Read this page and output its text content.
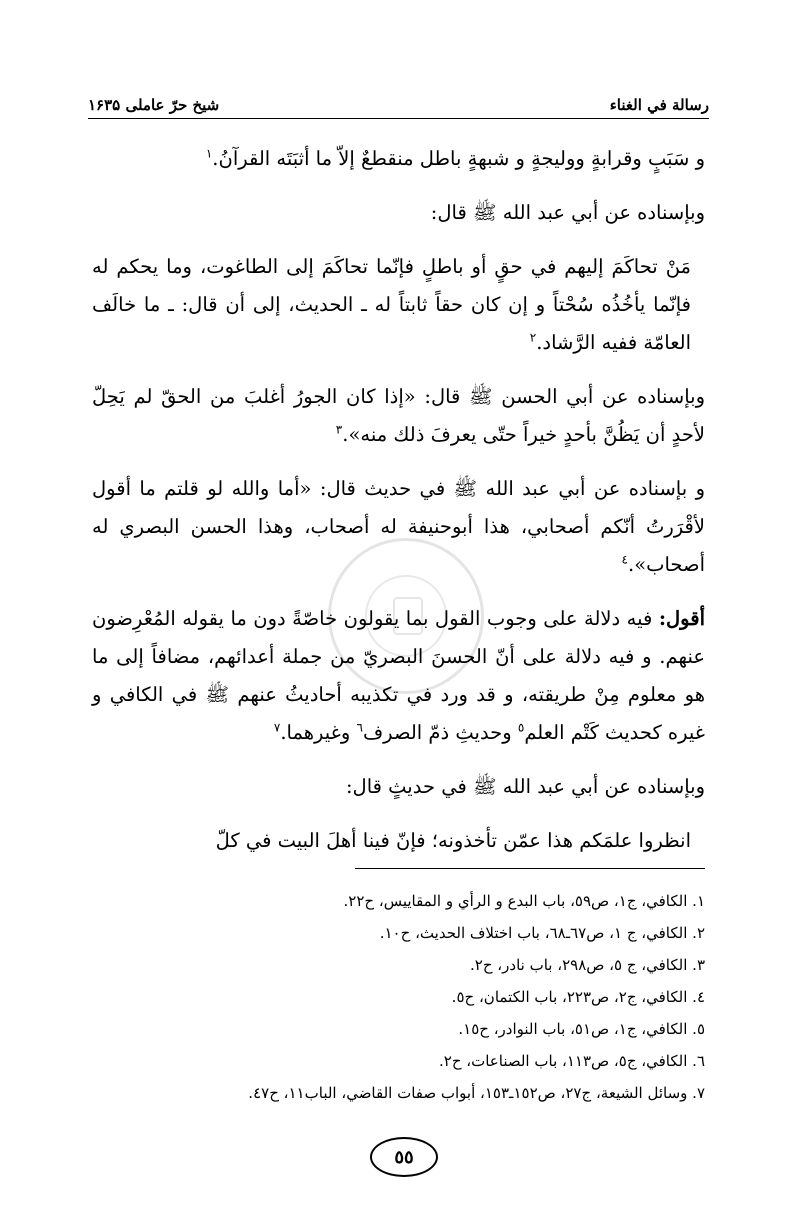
رسالة في الغناء
شيخ حرّ عاملی ۱۶۳۵

و سَبَبٍ وقرابةٍ ووليجةٍ و شبهةٍ باطل منقطعٌ إلاّ ما أثبَتَه القرآنُ.$^١$

وبإسناده عن أبي عبد الله ﷺ قال:

مَنْ تحاكَمَ إليهم في حقٍ أو باطلٍ فإنّما تحاكَمَ إلى الطاغوت، وما يحكم له فإنّما يأخُذُه سُحْتاً و إن كان حقاً ثابتاً له ـ الحديث، إلى أن قال: ـ ما خالَف العامّة ففيه الرَّشاد.$^٢$

وبإسناده عن أبي الحسن ﷺ قال: «إذا كان الجورُ أغلبَ من الحقّ لم يَحِلّ لأحدٍ أن يَظُنَّ بأحدٍ خيراً حتّى يعرفَ ذلك منه».$^٣$

و بإسناده عن أبي عبد الله ﷺ في حديث قال: «أما والله لو قلتم ما أقول لأقْرَرتُ أنّكم أصحابي، هذا أبوحنيفة له أصحاب، وهذا الحسن البصري له أصحاب».$^٤$

أقول: فيه دلالة على وجوب القول بما يقولون خاصّةً دون ما يقوله المُعْرِضون عنهم. و فيه دلالة على أنّ الحسنَ البصريّ من جملة أعدائهم، مضافاً إلى ما هو معلوم مِنْ طريقته، و قد ورد في تكذيبه أحاديثُ عنهم ﷺ في الكافي و غيره كحديث كَتْم العلم$^٥$ وحديثِ ذمّ الصرف$^٦$ وغيرهما.$^٧$

وبإسناده عن أبي عبد الله ﷺ في حديثٍ قال:

انظروا علمَكم هذا عمّن تأخذونه؛ فإنّ فينا أهلَ البيت في كلّ

١. الكافي، ج١، ص٥٩، باب البدع و الرأي و المقاييس، ح٢٢.

٢. الكافي، ج ١، ص٦٧ـ٦٨، باب اختلاف الحديث، ح١٠.

٣. الكافي، ج ٥، ص٢٩٨، باب نادر، ح٢.

٤. الكافي، ج٢، ص٢٢٣، باب الكتمان، ح٥.

٥. الكافي، ج١، ص٥١، باب النوادر، ح١٥.

٦. الكافي، ج٥، ص١١٣، باب الصناعات، ح٢.

٧. وسائل الشيعة، ج٢٧، ص١٥٢ـ١٥٣، أبواب صفات القاضي، الباب١١، ح٤٧.

٥٥
